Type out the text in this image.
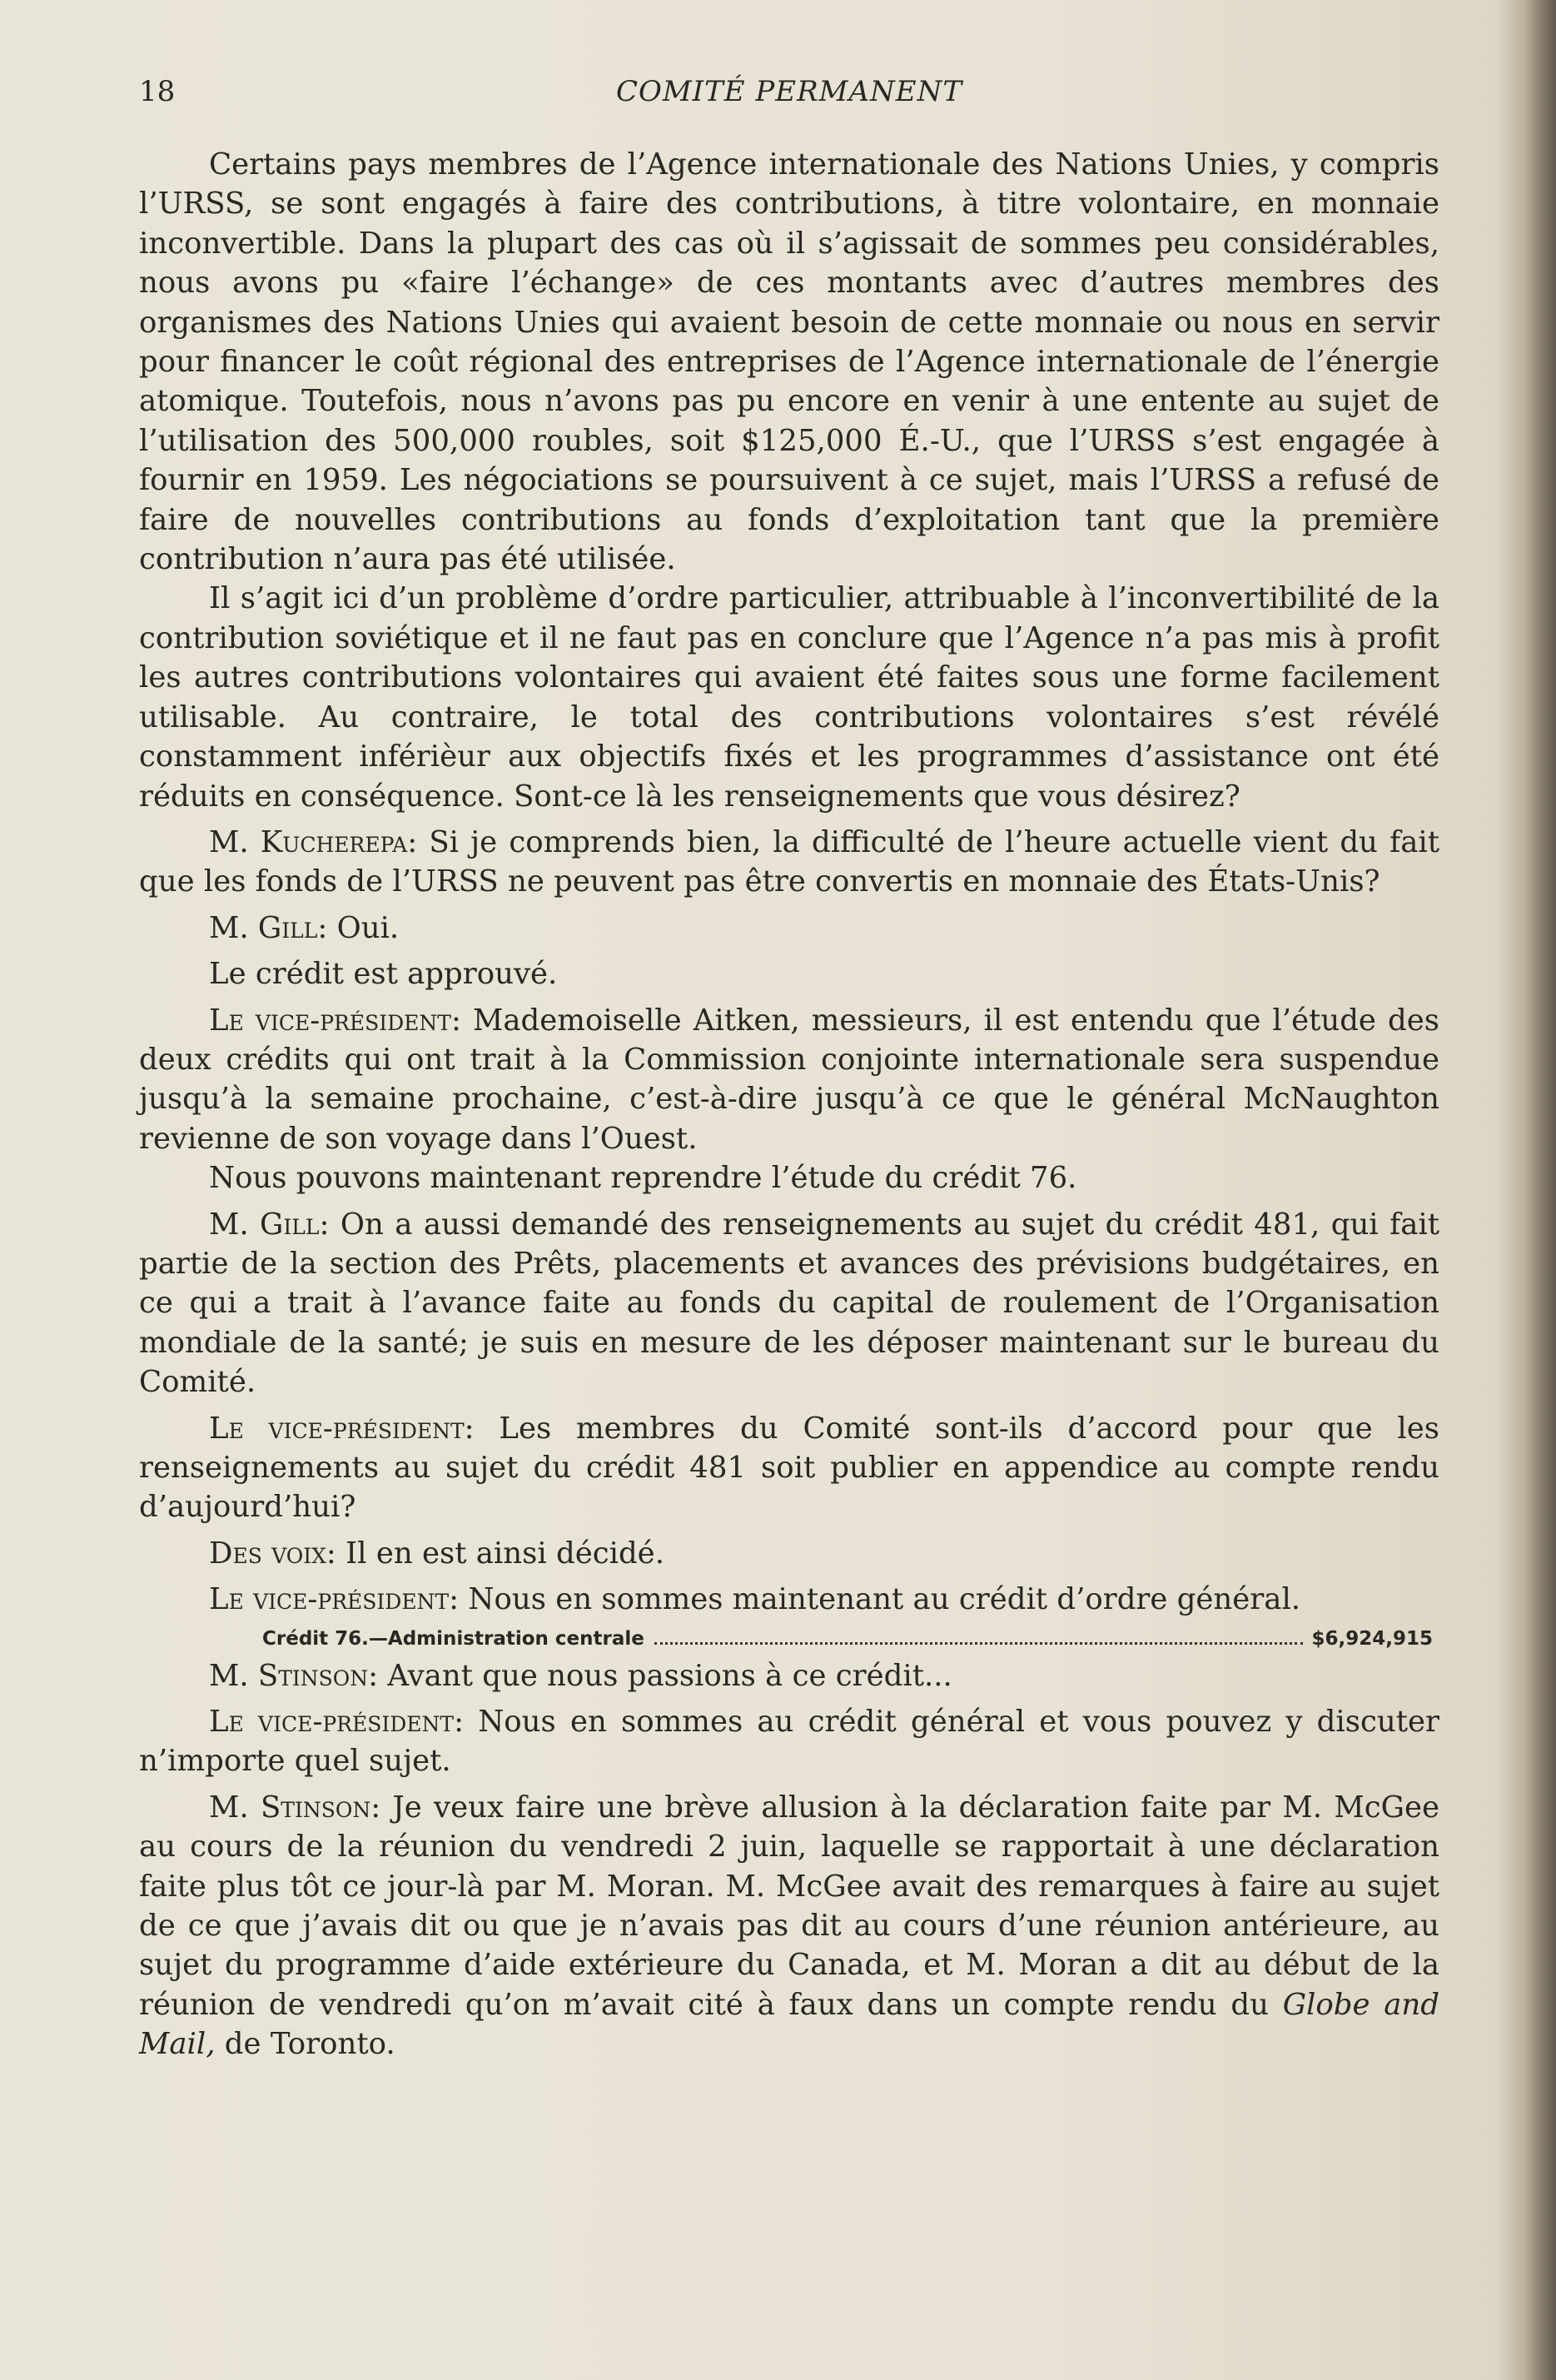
18	COMITÉ PERMANENT

Certains pays membres de l’Agence internationale des Nations Unies, y compris l’URSS, se sont engagés à faire des contributions, à titre volontaire, en monnaie inconvertible. Dans la plupart des cas où il s’agissait de sommes peu considérables, nous avons pu «faire l’échange» de ces montants avec d’autres membres des organismes des Nations Unies qui avaient besoin de cette monnaie ou nous en servir pour financer le coût régional des entreprises de l’Agence internationale de l’énergie atomique. Toutefois, nous n’avons pas pu encore en venir à une entente au sujet de l’utilisation des 500,000 roubles, soit $125,000 É.-U., que l’URSS s’est engagée à fournir en 1959. Les négociations se poursuivent à ce sujet, mais l’URSS a refusé de faire de nouvelles contributions au fonds d’exploitation tant que la première contribution n’aura pas été utilisée.

Il s’agit ici d’un problème d’ordre particulier, attribuable à l’inconvertibilité de la contribution soviétique et il ne faut pas en conclure que l’Agence n’a pas mis à profit les autres contributions volontaires qui avaient été faites sous une forme facilement utilisable. Au contraire, le total des contributions volontaires s’est révélé constamment inférièur aux objectifs fixés et les programmes d’assistance ont été réduits en conséquence. Sont-ce là les renseignements que vous désirez?

M. Kucherepa: Si je comprends bien, la difficulté de l’heure actuelle vient du fait que les fonds de l’URSS ne peuvent pas être convertis en monnaie des États-Unis?

M. Gill: Oui.

Le crédit est approuvé.

Le vice-président: Mademoiselle Aitken, messieurs, il est entendu que l’étude des deux crédits qui ont trait à la Commission conjointe internationale sera suspendue jusqu’à la semaine prochaine, c’est-à-dire jusqu’à ce que le général McNaughton revienne de son voyage dans l’Ouest.

Nous pouvons maintenant reprendre l’étude du crédit 76.

M. Gill: On a aussi demandé des renseignements au sujet du crédit 481, qui fait partie de la section des Prêts, placements et avances des prévisions budgétaires, en ce qui a trait à l’avance faite au fonds du capital de roulement de l’Organisation mondiale de la santé; je suis en mesure de les déposer maintenant sur le bureau du Comité.

Le vice-président: Les membres du Comité sont-ils d’accord pour que les renseignements au sujet du crédit 481 soit publier en appendice au compte rendu d’aujourd’hui?

Des voix: Il en est ainsi décidé.

Le vice-président: Nous en sommes maintenant au crédit d’ordre général.

Crédit 76.—Administration centrale	$6,924,915

M. Stinson: Avant que nous passions à ce crédit...

Le vice-président: Nous en sommes au crédit général et vous pouvez y discuter n’importe quel sujet.

M. Stinson: Je veux faire une brève allusion à la déclaration faite par M. McGee au cours de la réunion du vendredi 2 juin, laquelle se rapportait à une déclaration faite plus tôt ce jour-là par M. Moran. M. McGee avait des remarques à faire au sujet de ce que j’avais dit ou que je n’avais pas dit au cours d’une réunion antérieure, au sujet du programme d’aide extérieure du Canada, et M. Moran a dit au début de la réunion de vendredi qu’on m’avait cité à faux dans un compte rendu du Globe and Mail, de Toronto.
